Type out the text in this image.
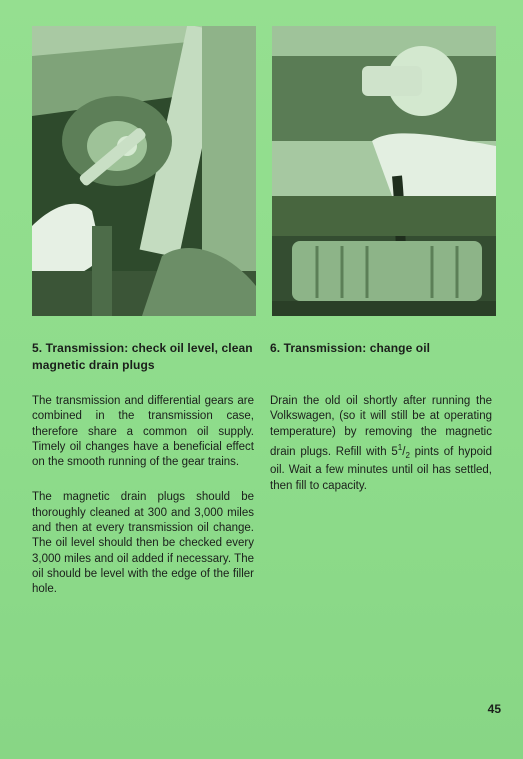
5. Transmission: check oil level, clean magnetic drain plugs

The transmission and differential gears are combined in the transmission case, therefore share a common oil supply. Timely oil changes have a beneficial effect on the smooth running of the gear trains.

The magnetic drain plugs should be thoroughly cleaned at 300 and 3,000 miles and then at every transmission oil change. The oil level should then be checked every 3,000 miles and oil added if necessary. The oil should be level with the edge of the filler hole.

6. Transmission: change oil

Drain the old oil shortly after running the Volkswagen, (so it will still be at operating temperature) by removing the magnetic drain plugs. Refill with $5^1/_2$ pints of hypoid oil. Wait a few minutes until oil has settled, then fill to capacity.

45
